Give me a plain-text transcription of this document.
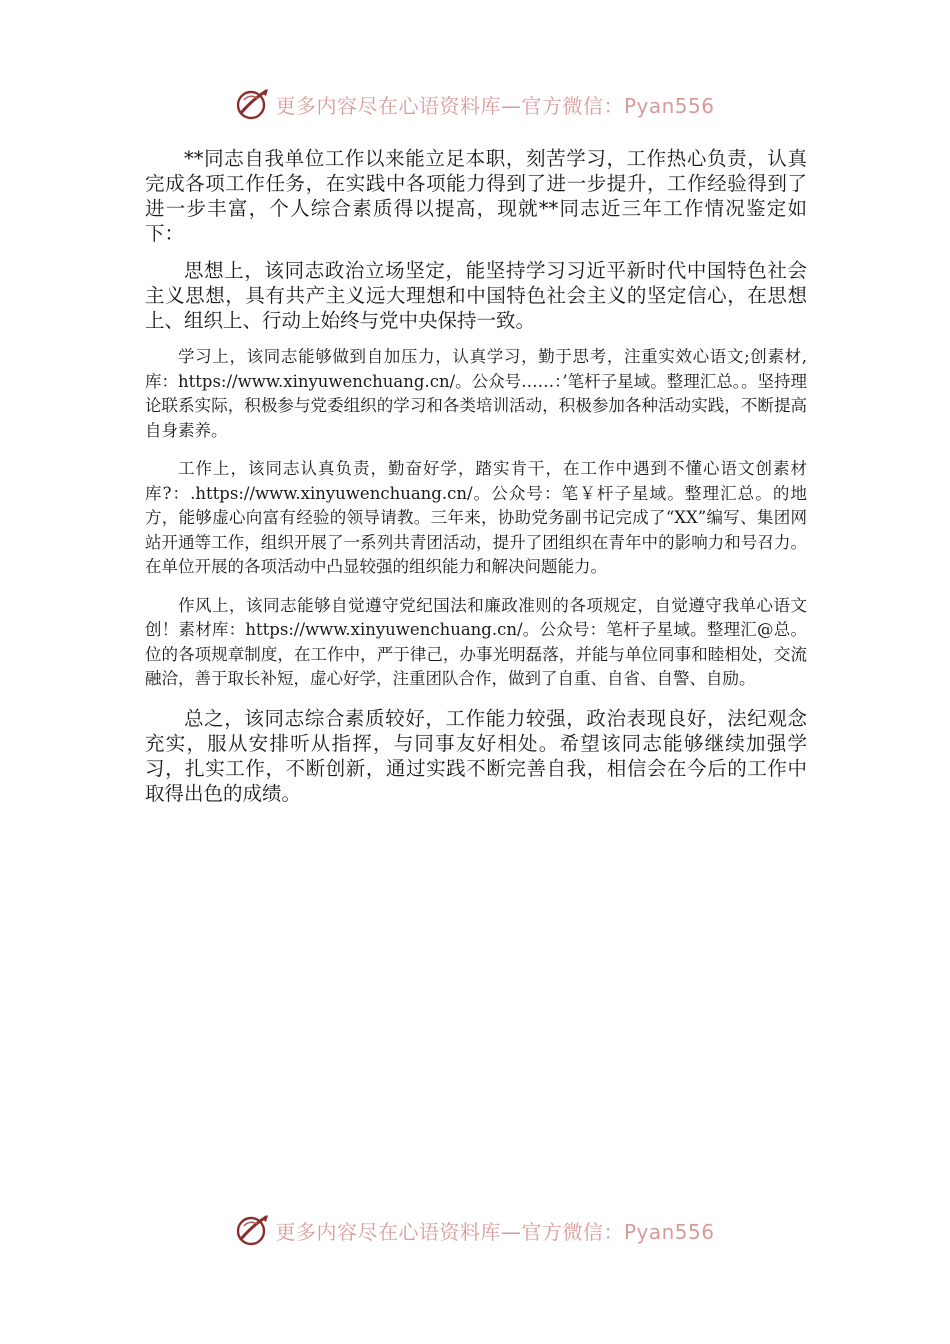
更多内容尽在心语资料库—官方微信：Pyan556

**同志自我单位工作以来能立足本职，刻苦学习，工作热心负责，认真完成各项工作任务，在实践中各项能力得到了进一步提升，工作经验得到了进一步丰富，个人综合素质得以提高，现就**同志近三年工作情况鉴定如下：

思想上，该同志政治立场坚定，能坚持学习习近平新时代中国特色社会主义思想，具有共产主义远大理想和中国特色社会主义的坚定信心，在思想上、组织上、行动上始终与党中央保持一致。

学习上，该同志能够做到自加压力，认真学习，勤于思考，注重实效心语文;创素材,库：https://www.xinyuwenchuang.cn/。公众号……：’笔杆子星域。整理汇总。。坚持理论联系实际，积极参与党委组织的学习和各类培训活动，积极参加各种活动实践，不断提高自身素养。

工作上，该同志认真负责，勤奋好学，踏实肯干，在工作中遇到不懂心语文创素材库?：.https://www.xinyuwenchuang.cn/。公众号：笔￥杆子星域。整理汇总。的地方，能够虚心向富有经验的领导请教。三年来，协助党务副书记完成了“XX”编写、集团网站开通等工作，组织开展了一系列共青团活动，提升了团组织在青年中的影响力和号召力。在单位开展的各项活动中凸显较强的组织能力和解决问题能力。

作风上，该同志能够自觉遵守党纪国法和廉政准则的各项规定，自觉遵守我单心语文创！素材库：https://www.xinyuwenchuang.cn/。公众号：笔杆子星域。整理汇@总。位的各项规章制度，在工作中，严于律己，办事光明磊落，并能与单位同事和睦相处，交流融洽，善于取长补短，虚心好学，注重团队合作，做到了自重、自省、自警、自励。

总之，该同志综合素质较好，工作能力较强，政治表现良好，法纪观念充实，服从安排听从指挥，与同事友好相处。希望该同志能够继续加强学习，扎实工作，不断创新，通过实践不断完善自我，相信会在今后的工作中取得出色的成绩。

更多内容尽在心语资料库—官方微信：Pyan556
